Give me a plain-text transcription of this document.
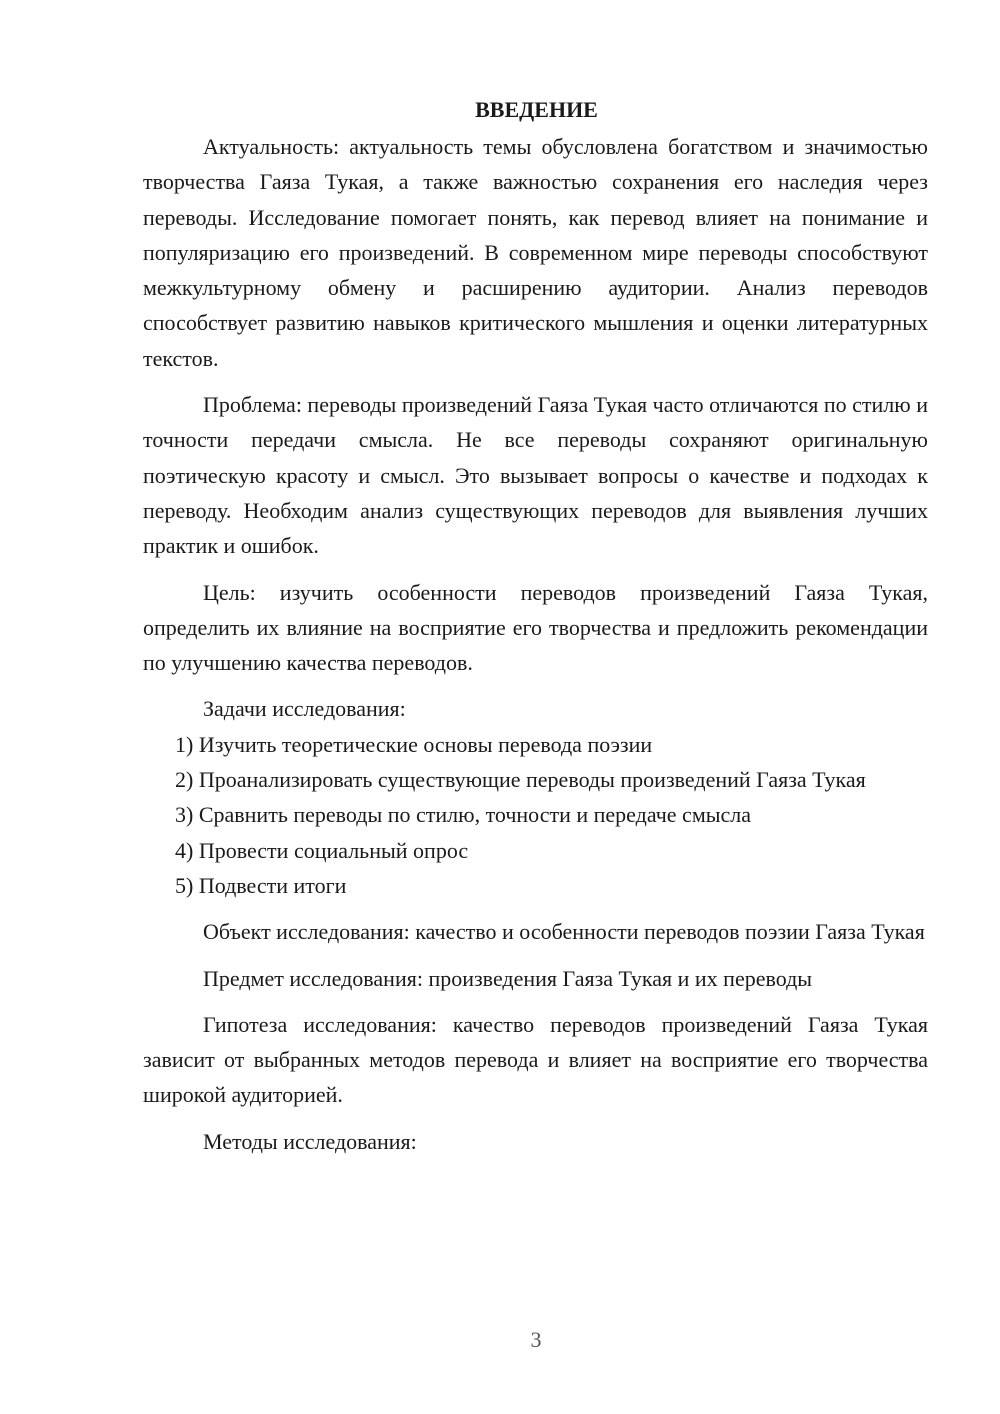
ВВЕДЕНИЕ

Актуальность: актуальность темы обусловлена богатством и значимостью творчества Гаяза Тукая, а также важностью сохранения его наследия через переводы. Исследование помогает понять, как перевод влияет на понимание и популяризацию его произведений. В современном мире переводы способствуют межкультурному обмену и расширению аудитории. Анализ переводов способствует развитию навыков критического мышления и оценки литературных текстов.

Проблема: переводы произведений Гаяза Тукая часто отличаются по стилю и точности передачи смысла. Не все переводы сохраняют оригинальную поэтическую красоту и смысл. Это вызывает вопросы о качестве и подходах к переводу. Необходим анализ существующих переводов для выявления лучших практик и ошибок.

Цель: изучить особенности переводов произведений Гаяза Тукая, определить их влияние на восприятие его творчества и предложить рекомендации по улучшению качества переводов.

Задачи исследования:

1) Изучить теоретические основы перевода поэзии

2) Проанализировать существующие переводы произведений Гаяза Тукая

3) Сравнить переводы по стилю, точности и передаче смысла

4) Провести социальный опрос

5) Подвести итоги

Объект исследования: качество и особенности переводов поэзии Гаяза Тукая

Предмет исследования: произведения Гаяза Тукая и их переводы

Гипотеза исследования: качество переводов произведений Гаяза Тукая зависит от выбранных методов перевода и влияет на восприятие его творчества широкой аудиторией.

Методы исследования:

3
